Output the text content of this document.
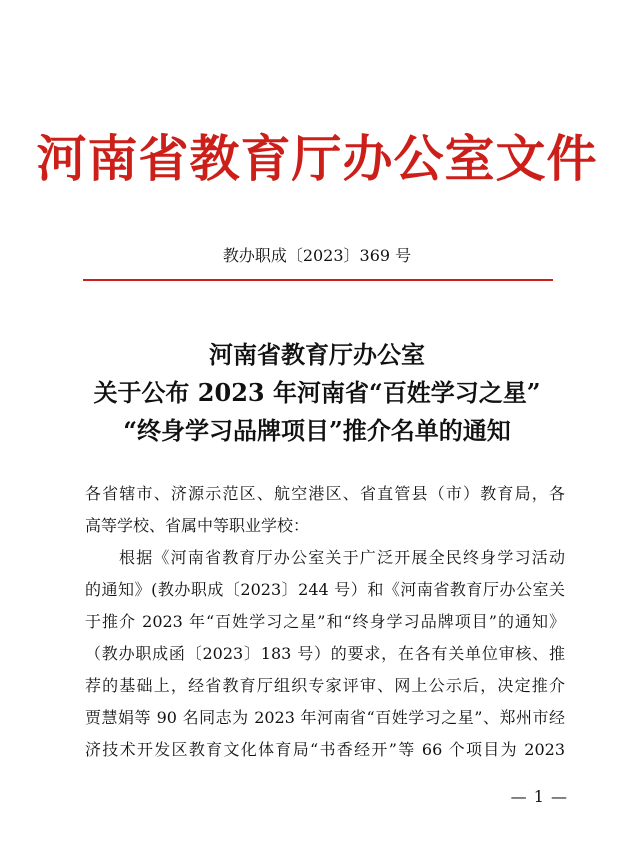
河南省教育厅办公室文件
教办职成〔2023〕369 号
河南省教育厅办公室
关于公布 2023 年河南省“百姓学习之星”
“终身学习品牌项目”推介名单的通知
各省辖市、济源示范区、航空港区、省直管县（市）教育局，各
高等学校、省属中等职业学校：
根据《河南省教育厅办公室关于广泛开展全民终身学习活动
的通知》(教办职成〔2023〕244 号）和《河南省教育厅办公室关
于推介 2023 年“百姓学习之星”和“终身学习品牌项目”的通知》
（教办职成函〔2023〕183 号）的要求，在各有关单位审核、推
荐的基础上，经省教育厅组织专家评审、网上公示后，决定推介
贾慧娟等 90 名同志为 2023 年河南省“百姓学习之星”、郑州市经
济技术开发区教育文化体育局“书香经开”等 66 个项目为 2023
— 1 —
